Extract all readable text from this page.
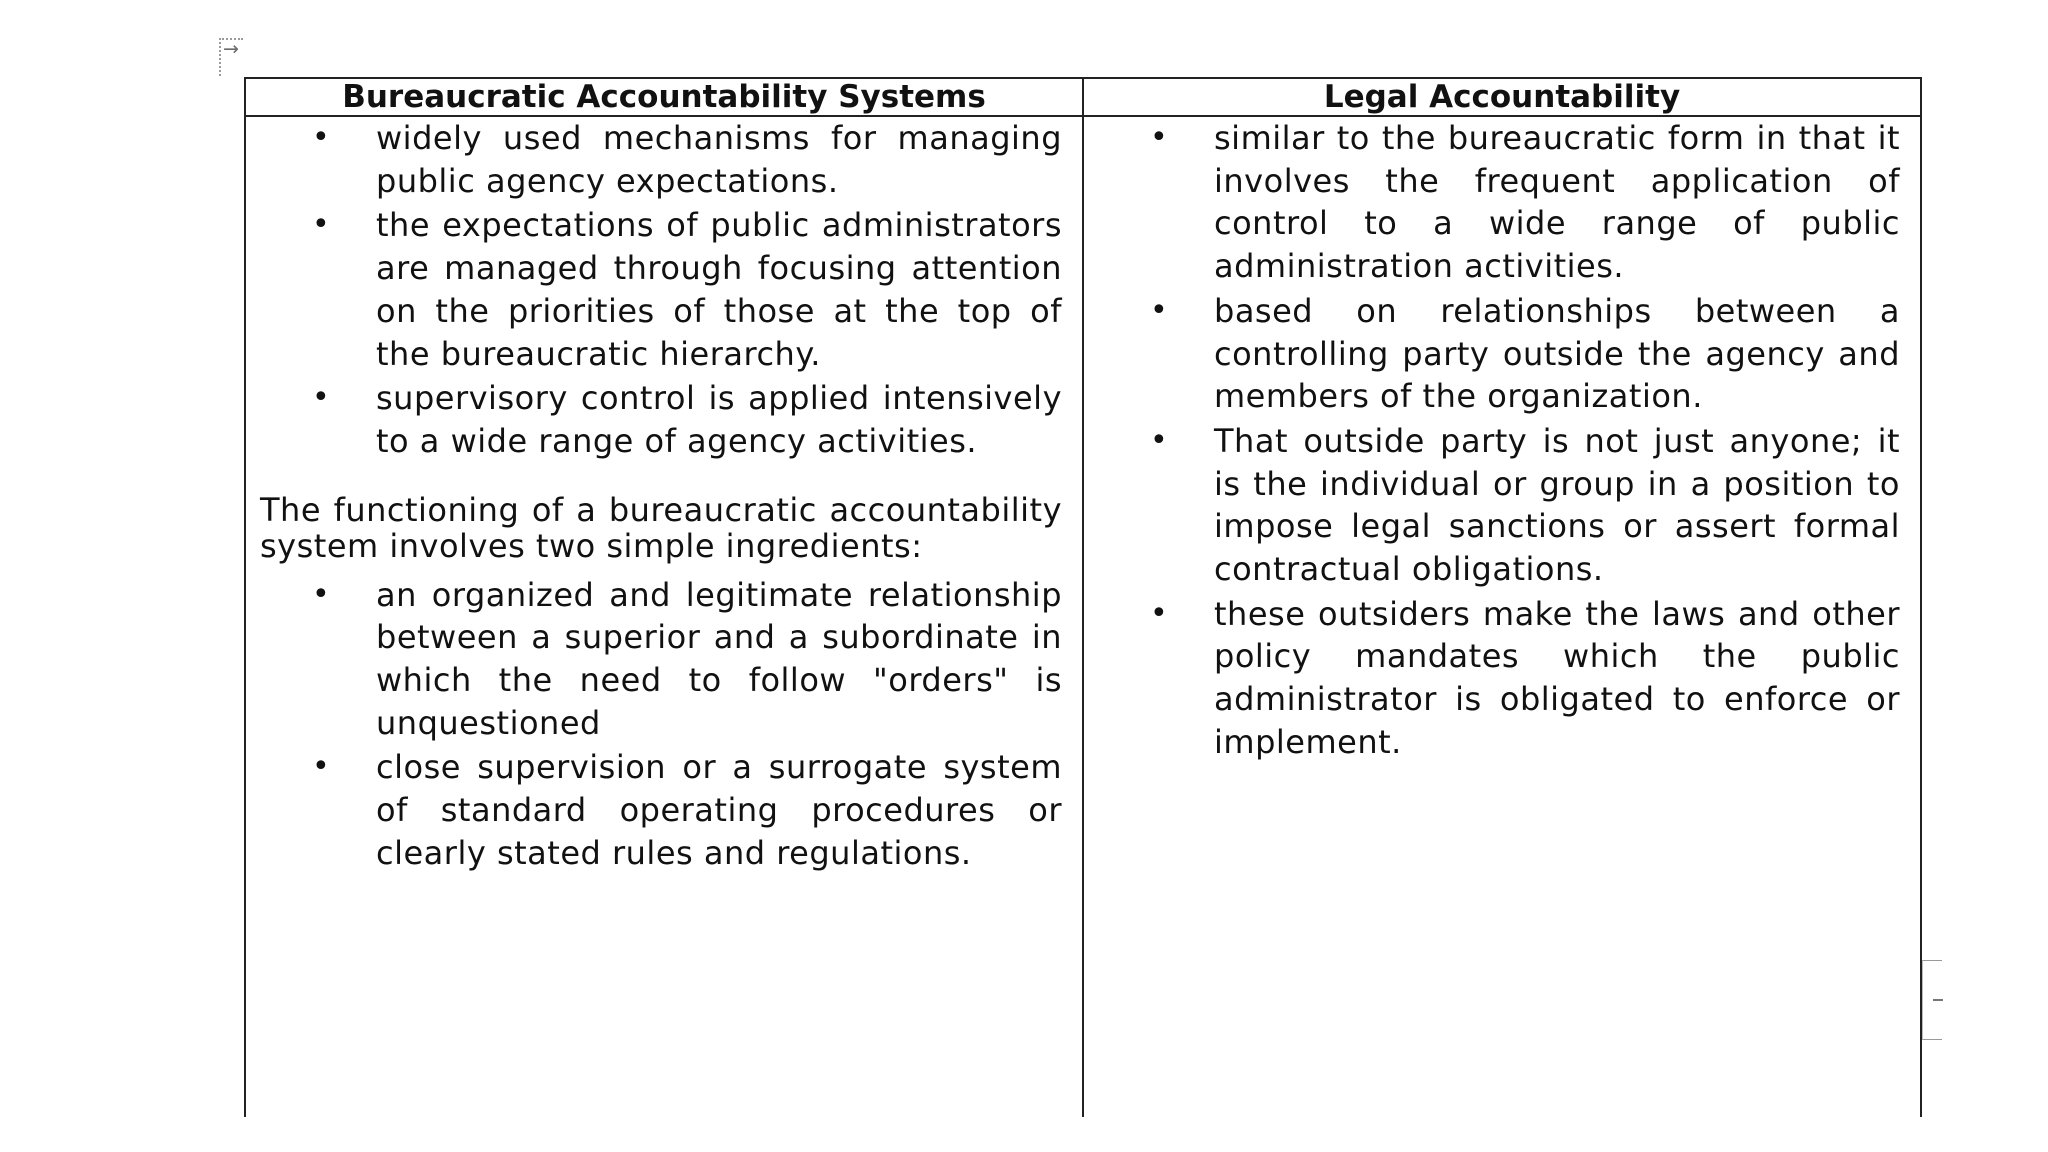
→
Bureaucratic Accountability Systems	Legal Accountability
• widely used mechanisms for managing public agency expectations.
• the expectations of public administrators are managed through focusing attention on the priorities of those at the top of the bureaucratic hierarchy.
• supervisory control is applied intensively to a wide range of agency activities.

The functioning of a bureaucratic accountability system involves two simple ingredients:

• an organized and legitimate relationship between a superior and a subordinate in which the need to follow "orders" is unquestioned
• close supervision or a surrogate system of standard operating procedures or clearly stated rules and regulations.
• similar to the bureaucratic form in that it involves the frequent application of control to a wide range of public administration activities.
• based on relationships between a controlling party outside the agency and members of the organization.
• That outside party is not just anyone; it is the individual or group in a position to impose legal sanctions or assert formal contractual obligations.
• these outsiders make the laws and other policy mandates which the public administrator is obligated to enforce or implement.
